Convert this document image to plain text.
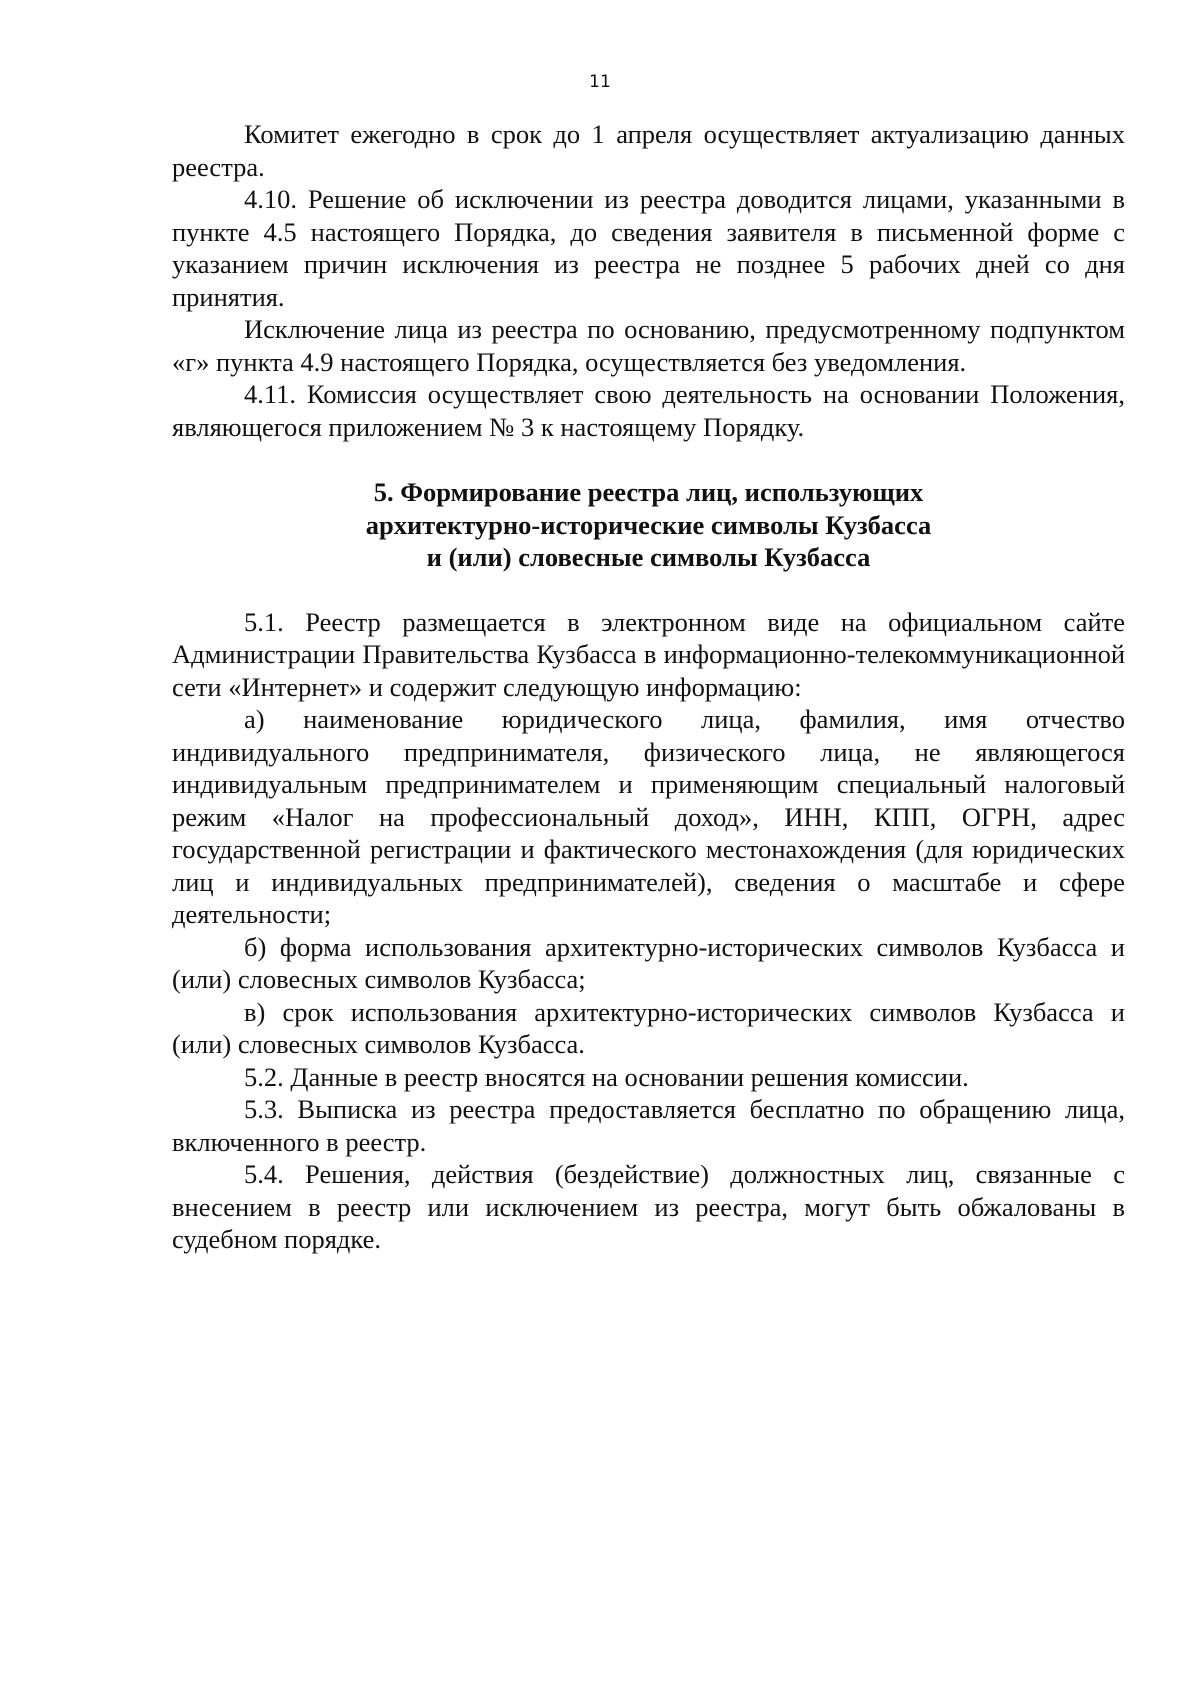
11

Комитет ежегодно в срок до 1 апреля осуществляет актуализацию данных реестра.

4.10. Решение об исключении из реестра доводится лицами, указанными в пункте 4.5 настоящего Порядка, до сведения заявителя в письменной форме с указанием причин исключения из реестра не позднее 5 рабочих дней со дня принятия.

Исключение лица из реестра по основанию, предусмотренному подпунктом «г» пункта 4.9 настоящего Порядка, осуществляется без уведомления.

4.11. Комиссия осуществляет свою деятельность на основании Положения, являющегося приложением № 3 к настоящему Порядку.

5. Формирование реестра лиц, использующих
архитектурно-исторические символы Кузбасса
и (или) словесные символы Кузбасса

5.1. Реестр размещается в электронном виде на официальном сайте Администрации Правительства Кузбасса в информационно-телекоммуникационной сети «Интернет» и содержит следующую информацию:

а) наименование юридического лица, фамилия, имя отчество индивидуального предпринимателя, физического лица, не являющегося индивидуальным предпринимателем и применяющим специальный налоговый режим «Налог на профессиональный доход», ИНН, КПП, ОГРН, адрес государственной регистрации и фактического местонахождения (для юридических лиц и индивидуальных предпринимателей), сведения о масштабе и сфере деятельности;

б) форма использования архитектурно-исторических символов Кузбасса и (или) словесных символов Кузбасса;

в) срок использования архитектурно-исторических символов Кузбасса и (или) словесных символов Кузбасса.

5.2. Данные в реестр вносятся на основании решения комиссии.

5.3. Выписка из реестра предоставляется бесплатно по обращению лица, включенного в реестр.

5.4. Решения, действия (бездействие) должностных лиц, связанные с внесением в реестр или исключением из реестра, могут быть обжалованы в судебном порядке.
